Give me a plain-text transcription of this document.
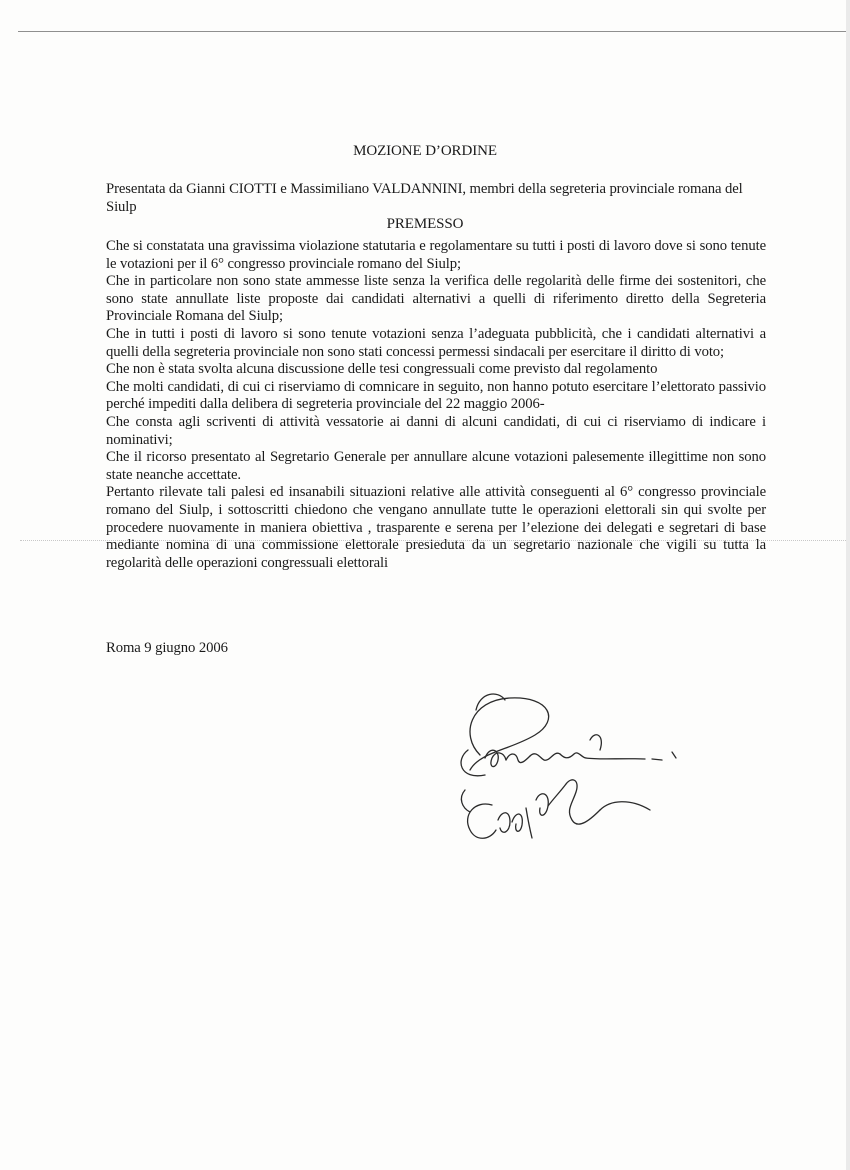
MOZIONE D’ORDINE

Presentata da Gianni CIOTTI e Massimiliano VALDANNINI, membri della segreteria provinciale romana del Siulp

PREMESSO

Che si constatata una gravissima violazione statutaria e regolamentare su tutti i posti di lavoro dove si sono tenute le votazioni per il 6° congresso provinciale romano del Siulp;

Che in particolare non sono state ammesse liste senza la verifica delle regolarità delle firme dei sostenitori, che sono state annullate liste proposte dai candidati alternativi a quelli di riferimento diretto della Segreteria Provinciale Romana del Siulp;

Che in tutti i posti di lavoro si sono tenute votazioni senza l’adeguata pubblicità, che i candidati alternativi a quelli della segreteria provinciale non sono stati concessi permessi sindacali per esercitare il diritto di voto;

Che non è stata svolta alcuna discussione delle tesi congressuali come previsto dal regolamento

Che molti candidati, di cui ci riserviamo di comnicare in seguito, non hanno potuto esercitare l’elettorato passivio perché impediti dalla delibera di segreteria provinciale del 22 maggio 2006-

Che consta agli scriventi di attività vessatorie ai danni di alcuni candidati, di cui ci riserviamo di indicare i nominativi;

Che il ricorso presentato al Segretario Generale per annullare alcune votazioni palesemente illegittime non sono state neanche accettate.

Pertanto rilevate tali palesi ed insanabili situazioni relative alle attività conseguenti al 6° congresso provinciale romano del Siulp, i sottoscritti chiedono che vengano annullate tutte le operazioni elettorali sin qui svolte per procedere nuovamente in maniera obiettiva , trasparente e serena per l’elezione dei delegati e segretari di base mediante nomina di una commissione elettorale presieduta da un segretario nazionale che vigili su tutta la regolarità delle operazioni congressuali elettorali

Roma 9 giugno 2006
